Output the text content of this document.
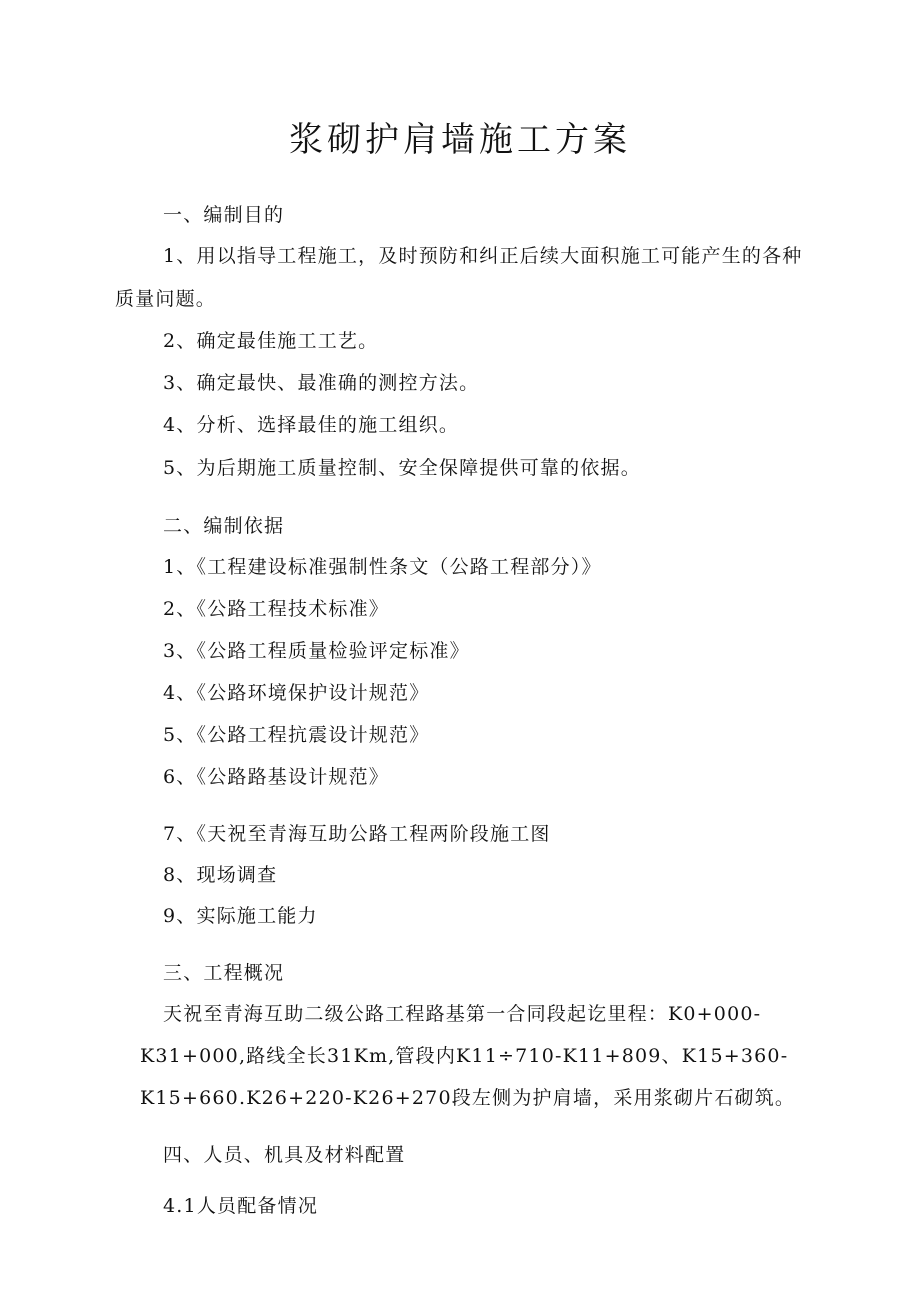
浆砌护肩墙施工方案
一、编制目的
1、用以指导工程施工，及时预防和纠正后续大面积施工可能产生的各种
质量问题。
2、确定最佳施工工艺。
3、确定最快、最准确的测控方法。
4、分析、选择最佳的施工组织。
5、为后期施工质量控制、安全保障提供可靠的依据。
二、编制依据
1、《工程建设标准强制性条文（公路工程部分）》
2、《公路工程技术标准》
3、《公路工程质量检验评定标准》
4、《公路环境保护设计规范》
5、《公路工程抗震设计规范》
6、《公路路基设计规范》
7、《天祝至青海互助公路工程两阶段施工图
8、现场调查
9、实际施工能力
三、工程概况
天祝至青海互助二级公路工程路基第一合同段起讫里程：K0+000-
K31+000,路线全长31Km,管段内K11÷710-K11+809、K15+360-
K15+660.K26+220-K26+270段左侧为护肩墙，采用浆砌片石砌筑。
四、人员、机具及材料配置
4.1人员配备情况
